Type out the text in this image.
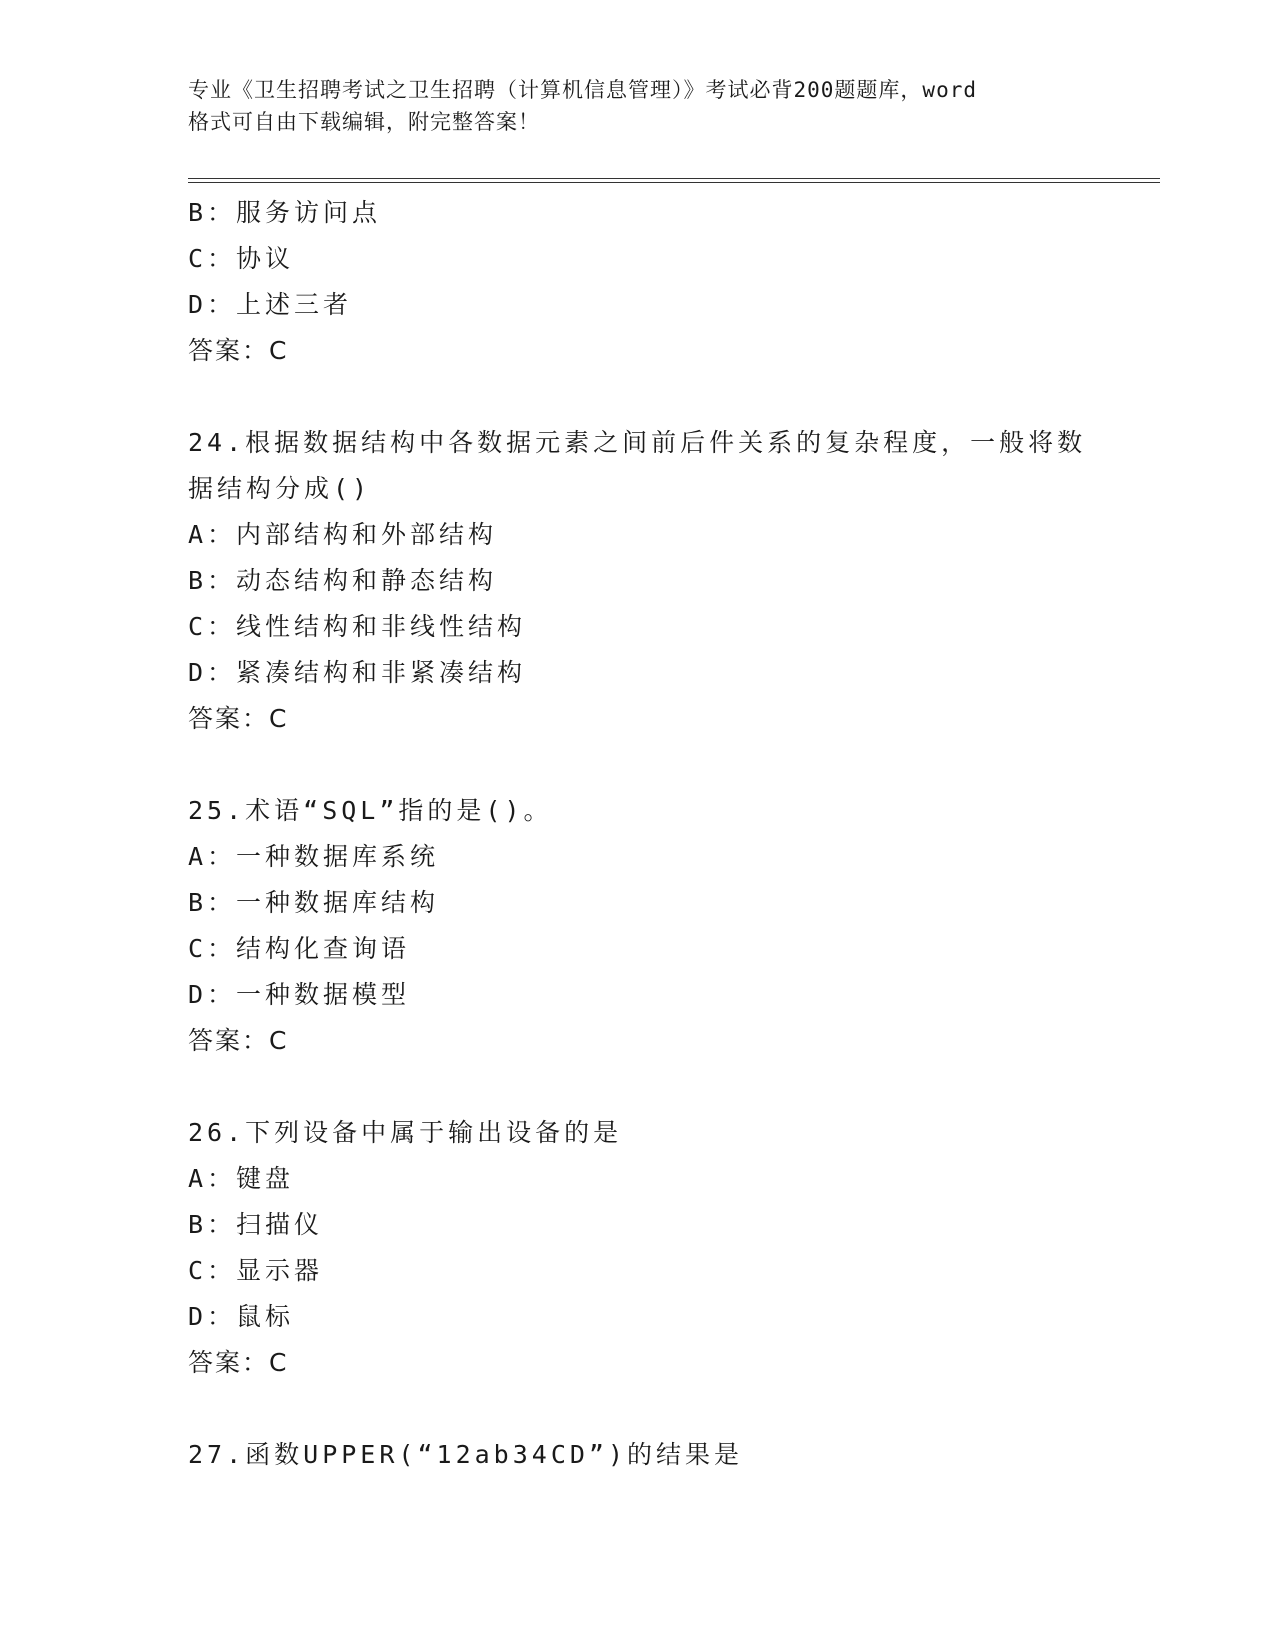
专业《卫生招聘考试之卫生招聘（计算机信息管理）》考试必背200题题库，word
格式可自由下载编辑，附完整答案！
B：服务访问点
C：协议
D：上述三者
答案：C
24.根据数据结构中各数据元素之间前后件关系的复杂程度，一般将数
据结构分成()
A：内部结构和外部结构
B：动态结构和静态结构
C：线性结构和非线性结构
D：紧凑结构和非紧凑结构
答案：C
25.术语“SQL”指的是()。
A：一种数据库系统
B：一种数据库结构
C：结构化查询语
D：一种数据模型
答案：C
26.下列设备中属于输出设备的是
A：键盘
B：扫描仪
C：显示器
D：鼠标
答案：C
27.函数UPPER(“12ab34CD”)的结果是
